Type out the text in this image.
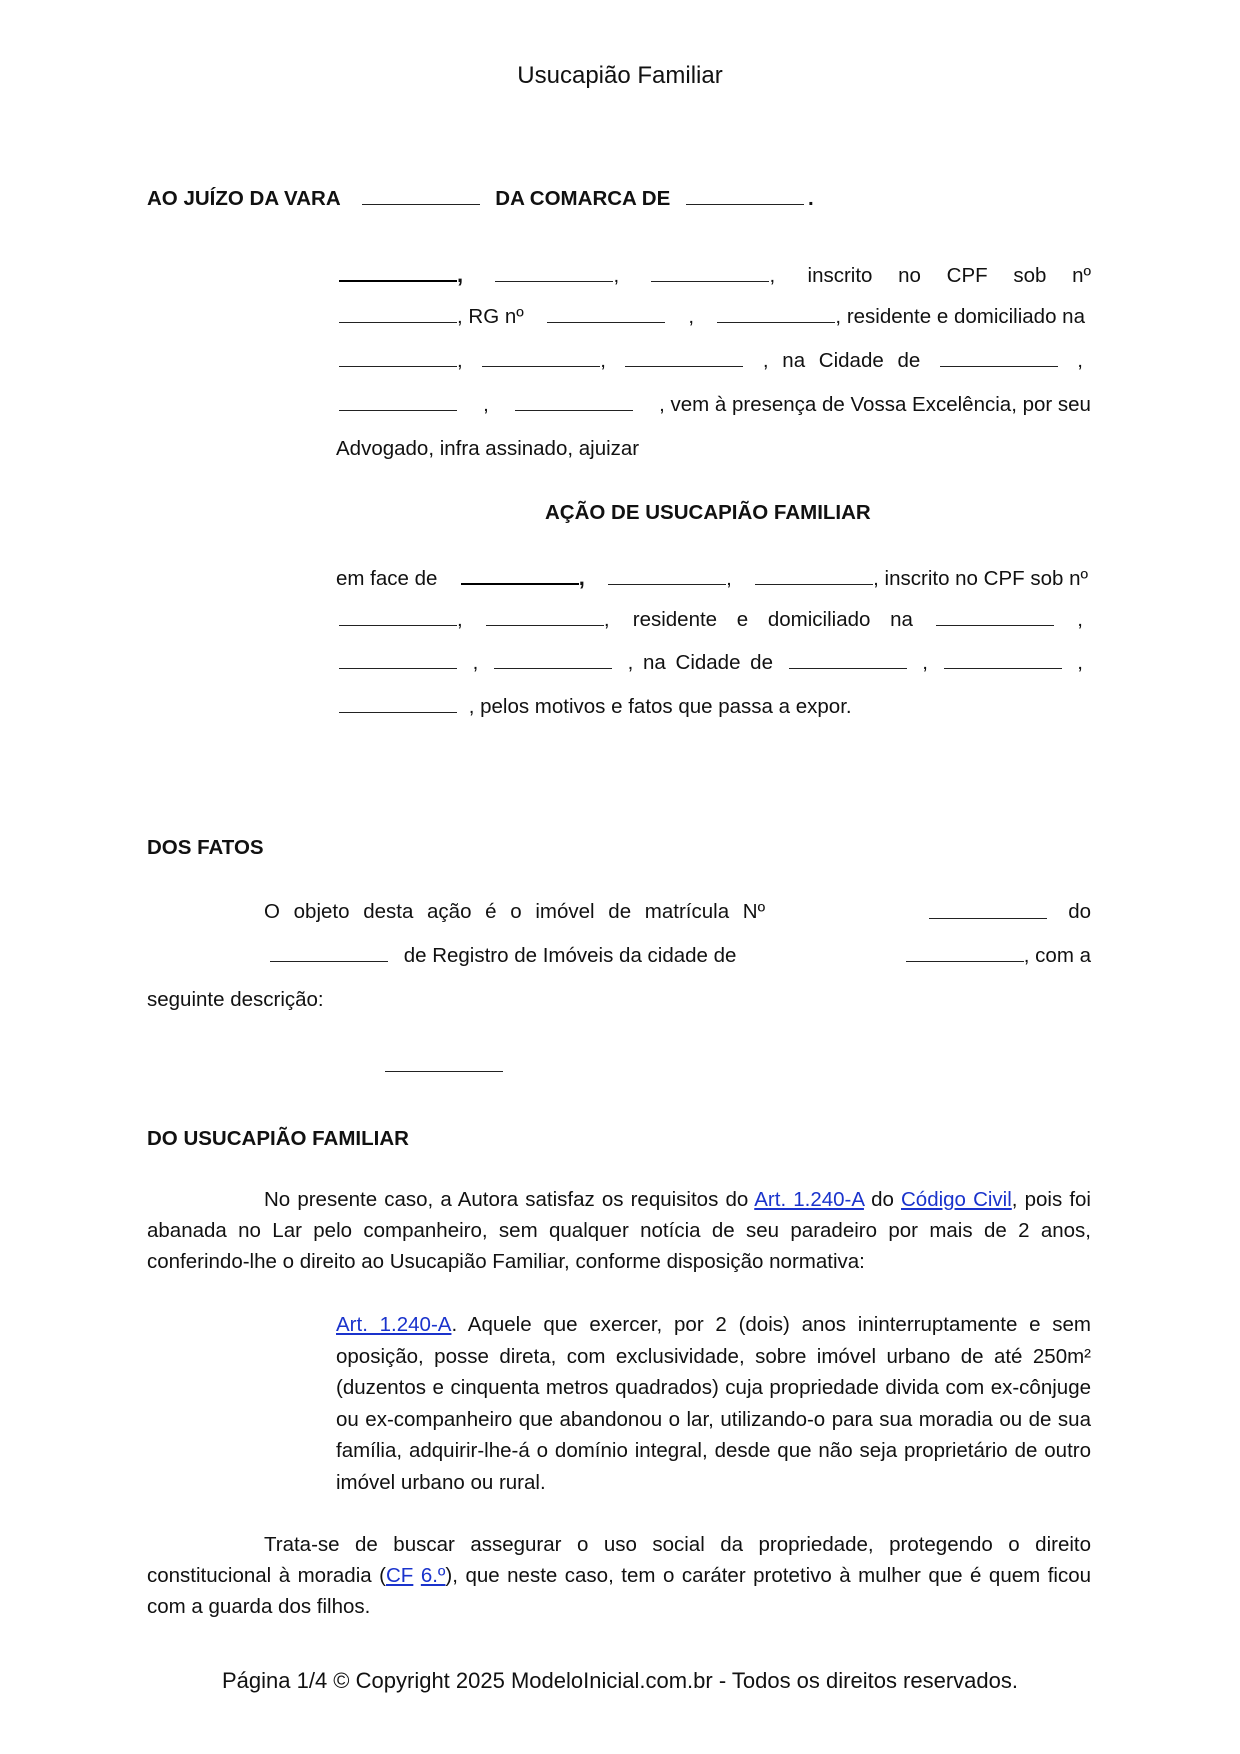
Usucapião Familiar
AO JUÍZO DA VARA	DA COMARCA DE	.
,	,	, inscrito no CPF sob nº
, RG nº	,	, residente e domiciliado na
,	,	, na Cidade de	,
,	, vem à presença de Vossa Excelência, por seu
Advogado, infra assinado, ajuizar
AÇÃO DE USUCAPIÃO FAMILIAR
em face de	,	,	, inscrito no CPF sob nº
,	, residente e domiciliado na	,
,	, na Cidade de	,	,
, pelos motivos e fatos que passa a expor.
DOS FATOS
O objeto desta ação é o imóvel de matrícula Nº	do
de Registro de Imóveis da cidade de	, com a
seguinte descrição:
DO USUCAPIÃO FAMILIAR
No presente caso, a Autora satisfaz os requisitos do Art. 1.240-A do Código Civil, pois foi abanada no Lar pelo companheiro, sem qualquer notícia de seu paradeiro por mais de 2 anos, conferindo-lhe o direito ao Usucapião Familiar, conforme disposição normativa:
Art. 1.240-A. Aquele que exercer, por 2 (dois) anos ininterruptamente e sem oposição, posse direta, com exclusividade, sobre imóvel urbano de até 250m² (duzentos e cinquenta metros quadrados) cuja propriedade divida com ex-cônjuge ou ex-companheiro que abandonou o lar, utilizando-o para sua moradia ou de sua família, adquirir-lhe-á o domínio integral, desde que não seja proprietário de outro imóvel urbano ou rural.
Trata-se de buscar assegurar o uso social da propriedade, protegendo o direito constitucional à moradia (CF 6.º), que neste caso, tem o caráter protetivo à mulher que é quem ficou com a guarda dos filhos.
Página 1/4 © Copyright 2025 ModeloInicial.com.br - Todos os direitos reservados.
